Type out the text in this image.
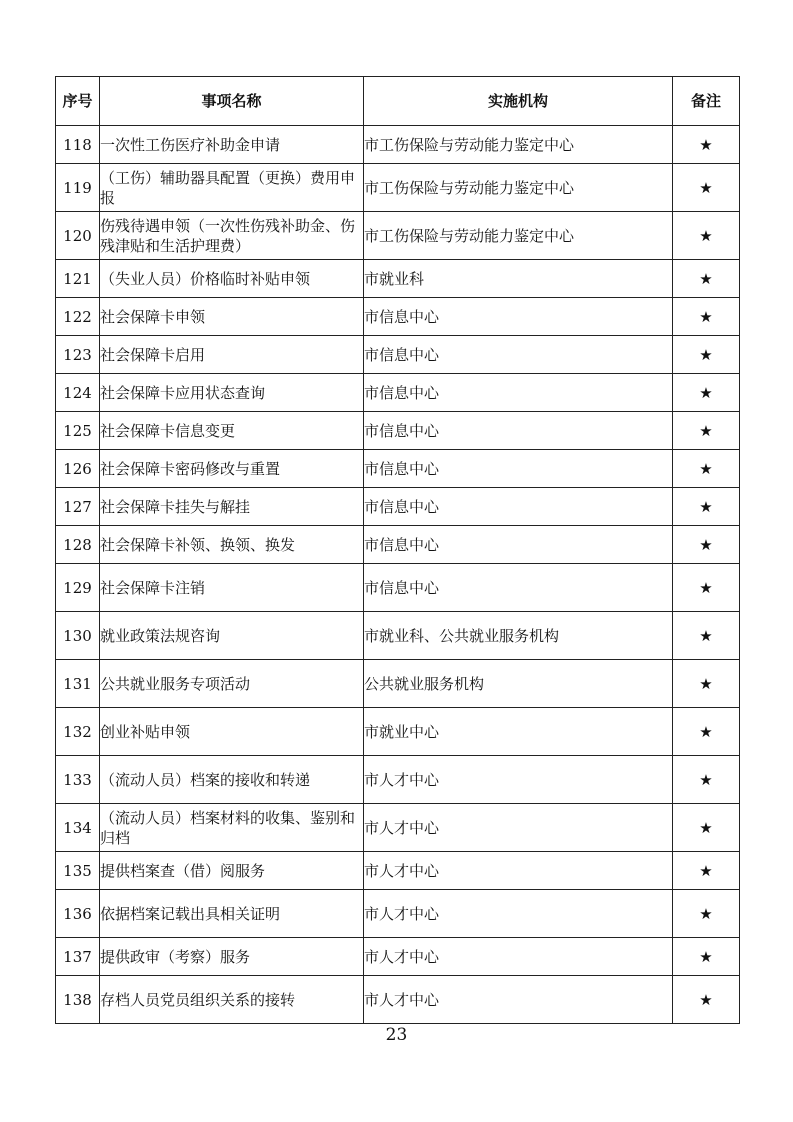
序号	事项名称	实施机构	备注
118	一次性工伤医疗补助金申请	市工伤保险与劳动能力鉴定中心	★
119	（工伤）辅助器具配置（更换）费用申报	市工伤保险与劳动能力鉴定中心	★
120	伤残待遇申领（一次性伤残补助金、伤残津贴和生活护理费）	市工伤保险与劳动能力鉴定中心	★
121	（失业人员）价格临时补贴申领	市就业科	★
122	社会保障卡申领	市信息中心	★
123	社会保障卡启用	市信息中心	★
124	社会保障卡应用状态查询	市信息中心	★
125	社会保障卡信息变更	市信息中心	★
126	社会保障卡密码修改与重置	市信息中心	★
127	社会保障卡挂失与解挂	市信息中心	★
128	社会保障卡补领、换领、换发	市信息中心	★
129	社会保障卡注销	市信息中心	★
130	就业政策法规咨询	市就业科、公共就业服务机构	★
131	公共就业服务专项活动	公共就业服务机构	★
132	创业补贴申领	市就业中心	★
133	（流动人员）档案的接收和转递	市人才中心	★
134	（流动人员）档案材料的收集、鉴别和归档	市人才中心	★
135	提供档案查（借）阅服务	市人才中心	★
136	依据档案记载出具相关证明	市人才中心	★
137	提供政审（考察）服务	市人才中心	★
138	存档人员党员组织关系的接转	市人才中心	★
23
